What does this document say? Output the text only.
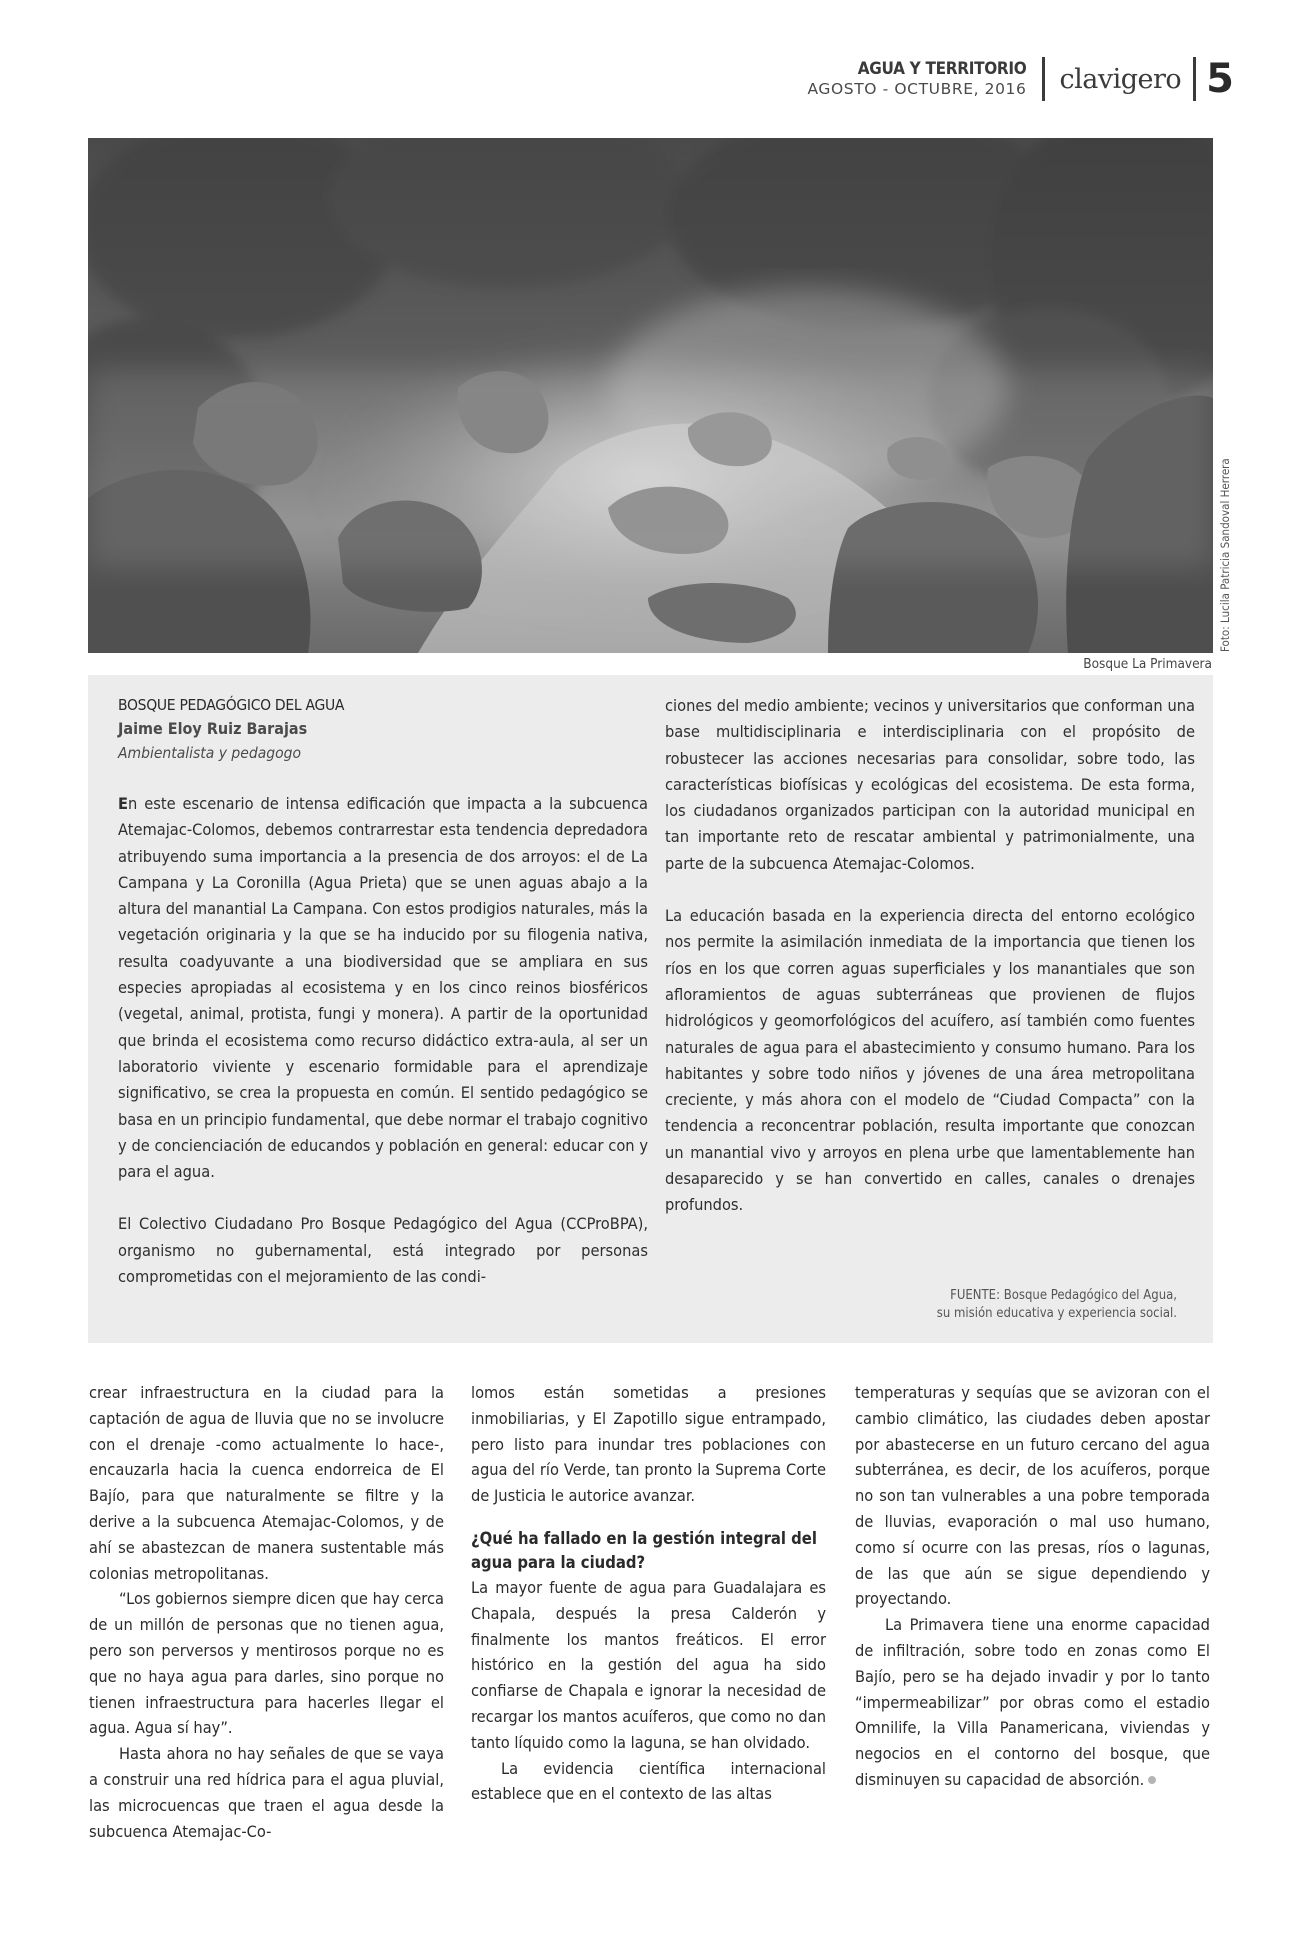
AGUA Y TERRITORIO
AGOSTO - OCTUBRE, 2016 clavigero 5
Foto: Lucila Patricia Sandoval Herrera
Bosque La Primavera
BOSQUE PEDAGÓGICO DEL AGUA
Jaime Eloy Ruiz Barajas
Ambientalista y pedagogo

En este escenario de intensa edificación que impacta a la subcuenca Atemajac-Colomos, debemos contrarrestar esta tendencia depredadora atribuyendo suma importancia a la presencia de dos arroyos: el de La Campana y La Coronilla (Agua Prieta) que se unen aguas abajo a la altura del manantial La Campana. Con estos prodigios naturales, más la vegetación originaria y la que se ha inducido por su filogenia nativa, resulta coadyuvante a una biodiversidad que se ampliara en sus especies apropiadas al ecosistema y en los cinco reinos biosféricos (vegetal, animal, protista, fungi y monera). A partir de la oportunidad que brinda el ecosistema como recurso didáctico extra-aula, al ser un laboratorio viviente y escenario formidable para el aprendizaje significativo, se crea la propuesta en común. El sentido pedagógico se basa en un principio fundamental, que debe normar el trabajo cognitivo y de concienciación de educandos y población en general: educar con y para el agua.

El Colectivo Ciudadano Pro Bosque Pedagógico del Agua (CCProBPA), organismo no gubernamental, está integrado por personas comprometidas con el mejoramiento de las condi-

ciones del medio ambiente; vecinos y universitarios que conforman una base multidisciplinaria e interdisciplinaria con el propósito de robustecer las acciones necesarias para consolidar, sobre todo, las características biofísicas y ecológicas del ecosistema. De esta forma, los ciudadanos organizados participan con la autoridad municipal en tan importante reto de rescatar ambiental y patrimonialmente, una parte de la subcuenca Atemajac-Colomos.

La educación basada en la experiencia directa del entorno ecológico nos permite la asimilación inmediata de la importancia que tienen los ríos en los que corren aguas superficiales y los manantiales que son afloramientos de aguas subterráneas que provienen de flujos hidrológicos y geomorfológicos del acuífero, así también como fuentes naturales de agua para el abastecimiento y consumo humano. Para los habitantes y sobre todo niños y jóvenes de una área metropolitana creciente, y más ahora con el modelo de “Ciudad Compacta” con la tendencia a reconcentrar población, resulta importante que conozcan un manantial vivo y arroyos en plena urbe que lamentablemente han desaparecido y se han convertido en calles, canales o drenajes profundos.

FUENTE: Bosque Pedagógico del Agua,
su misión educativa y experiencia social.

crear infraestructura en la ciudad para la captación de agua de lluvia que no se involucre con el drenaje -como actualmente lo hace-, encauzarla hacia la cuenca endorreica de El Bajío, para que naturalmente se filtre y la derive a la subcuenca Atemajac-Colomos, y de ahí se abastezcan de manera sustentable más colonias metropolitanas.

“Los gobiernos siempre dicen que hay cerca de un millón de personas que no tienen agua, pero son perversos y mentirosos porque no es que no haya agua para darles, sino porque no tienen infraestructura para hacerles llegar el agua. Agua sí hay”.

Hasta ahora no hay señales de que se vaya a construir una red hídrica para el agua pluvial, las microcuencas que traen el agua desde la subcuenca Atemajac-Co-

lomos están sometidas a presiones inmobiliarias, y El Zapotillo sigue entrampado, pero listo para inundar tres poblaciones con agua del río Verde, tan pronto la Suprema Corte de Justicia le autorice avanzar.

¿Qué ha fallado en la gestión integral del agua para la ciudad?

La mayor fuente de agua para Guadalajara es Chapala, después la presa Calderón y finalmente los mantos freáticos. El error histórico en la gestión del agua ha sido confiarse de Chapala e ignorar la necesidad de recargar los mantos acuíferos, que como no dan tanto líquido como la laguna, se han olvidado.

La evidencia científica internacional establece que en el contexto de las altas

temperaturas y sequías que se avizoran con el cambio climático, las ciudades deben apostar por abastecerse en un futuro cercano del agua subterránea, es decir, de los acuíferos, porque no son tan vulnerables a una pobre temporada de lluvias, evaporación o mal uso humano, como sí ocurre con las presas, ríos o lagunas, de las que aún se sigue dependiendo y proyectando.

La Primavera tiene una enorme capacidad de infiltración, sobre todo en zonas como El Bajío, pero se ha dejado invadir y por lo tanto “impermeabilizar” por obras como el estadio Omnilife, la Villa Panamericana, viviendas y negocios en el contorno del bosque, que disminuyen su capacidad de absorción.
